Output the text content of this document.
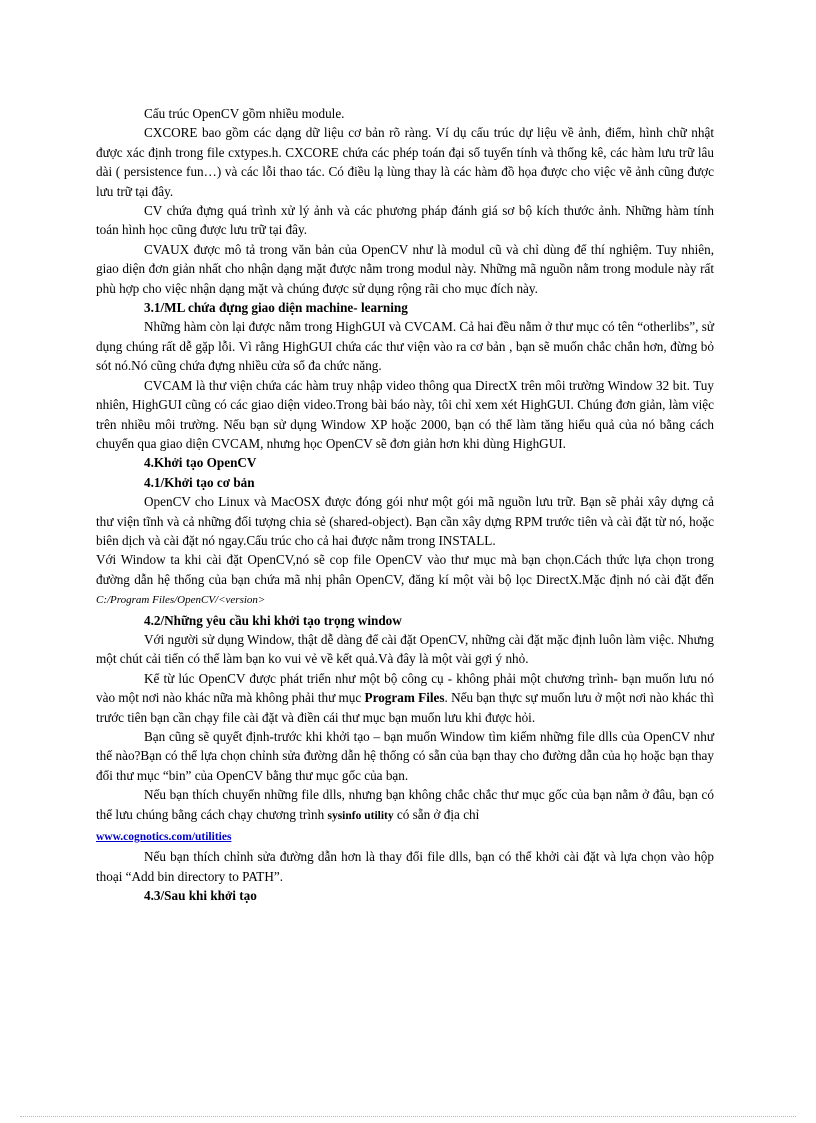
Cấu trúc OpenCV gồm nhiều module.

CXCORE bao gồm các dạng dữ liệu cơ bản rõ ràng. Ví dụ cấu trúc dự liệu về ảnh, điểm, hình chữ nhật được xác định trong file cxtypes.h. CXCORE chứa các phép toán đại số tuyến tính và thống kê, các hàm lưu trữ lâu dài ( persistence fun…) và các lỗi thao tác. Có điều lạ lùng thay là các hàm đồ họa được cho việc vẽ ảnh cũng được lưu trữ tại đây.

CV chứa đựng quá trình xử lý ảnh và các phương pháp đánh giá sơ bộ kích thước ảnh. Những hàm tính toán hình học cũng được lưu trữ tại đây.

CVAUX được mô tả trong văn bản của OpenCV như là modul cũ và chỉ dùng để thí nghiệm. Tuy nhiên, giao diện đơn giản nhất cho nhận dạng mặt được nằm trong modul này. Những mã nguồn nằm trong module này rất phù hợp cho việc nhận dạng mặt và chúng được sử dụng rộng rãi cho mục đích này.

3.1/ML chứa đựng giao diện machine- learning

Những hàm còn lại được nằm trong HighGUI và CVCAM. Cả hai đều nằm ở thư mục có tên “otherlibs”, sử dụng chúng rất dễ gặp lỗi. Vì rằng HighGUI chứa các thư viện vào ra cơ bản , bạn sẽ muốn chắc chắn hơn, đừng bỏ sót nó.Nó cũng chứa đựng nhiều cửa sổ đa chức năng.

CVCAM là thư viện chứa các hàm truy nhập video thông qua DirectX trên môi trường Window 32 bit. Tuy nhiên, HighGUI cũng có các giao diện video.Trong bài báo này, tôi chỉ xem xét HighGUI. Chúng đơn giản, làm việc trên nhiều môi trường. Nếu bạn sử dụng Window XP hoặc 2000, bạn có thể làm tăng hiểu quả của nó bằng cách chuyển qua giao diện CVCAM, nhưng học OpenCV sẽ đơn giản hơn khi dùng HighGUI.

4.Khởi tạo OpenCV

4.1/Khởi tạo cơ bản

OpenCV cho Linux và MacOSX được đóng gói như một gói mã nguồn lưu trữ. Bạn sẽ phải xây dựng cả thư viện tĩnh và cả những đối tượng chia sẻ (shared-object). Bạn cần xây dựng RPM trước tiên và cài đặt từ nó, hoặc biên dịch và cài đặt nó ngay.Cấu trúc cho cả hai được nằm trong INSTALL.

Với Window ta khi cài đặt OpenCV,nó sẽ cop file OpenCV vào thư mục mà bạn chọn.Cách thức lựa chọn trong đường dẫn hệ thống của bạn chứa mã nhị phân OpenCV, đăng kí một vài bộ lọc DirectX.Mặc định nó cài đặt đến C:/Program Files/OpenCV/<version>

4.2/Những yêu cầu khi khởi tạo trọng window

Với người sử dụng Window, thật dễ dàng để cài đặt OpenCV, những cài đặt mặc định luôn làm việc. Nhưng một chút cải tiến có thể làm bạn ko vui vẻ về kết quả.Và đây là một vài gợi ý nhỏ.

Kể từ lúc OpenCV được phát triển như một bộ công cụ - không phải một chương trình- bạn muốn lưu nó vào một nơi nào khác nữa mà không phải thư mục Program Files. Nếu bạn thực sự muốn lưu ở một nơi nào khác thì trước tiên bạn cần chạy file cài đặt và điền cái thư mục bạn muốn lưu khi được hỏi.

Bạn cũng sẽ quyết định-trước khi khởi tạo – bạn muốn Window tìm kiếm những file dlls của OpenCV như thế nào?Bạn có thể lựa chọn chỉnh sửa đường dẫn hệ thống có sẵn của bạn thay cho đường dẫn của họ hoặc bạn thay đổi thư mục “bin” của OpenCV bằng thư mục gốc của bạn.

Nếu bạn thích chuyển những file dlls, nhưng bạn không chắc chắc thư mục gốc của bạn nằm ở đâu, bạn có thể lưu chúng bằng cách chạy chương trình sysinfo utility có sẵn ở địa chỉ
www.cognotics.com/utilities

Nếu bạn thích chỉnh sửa đường dẫn hơn là thay đổi file dlls, bạn có thể khởi cài đặt và lựa chọn vào hộp thoại “Add bin directory to PATH”.

4.3/Sau khi khởi tạo
